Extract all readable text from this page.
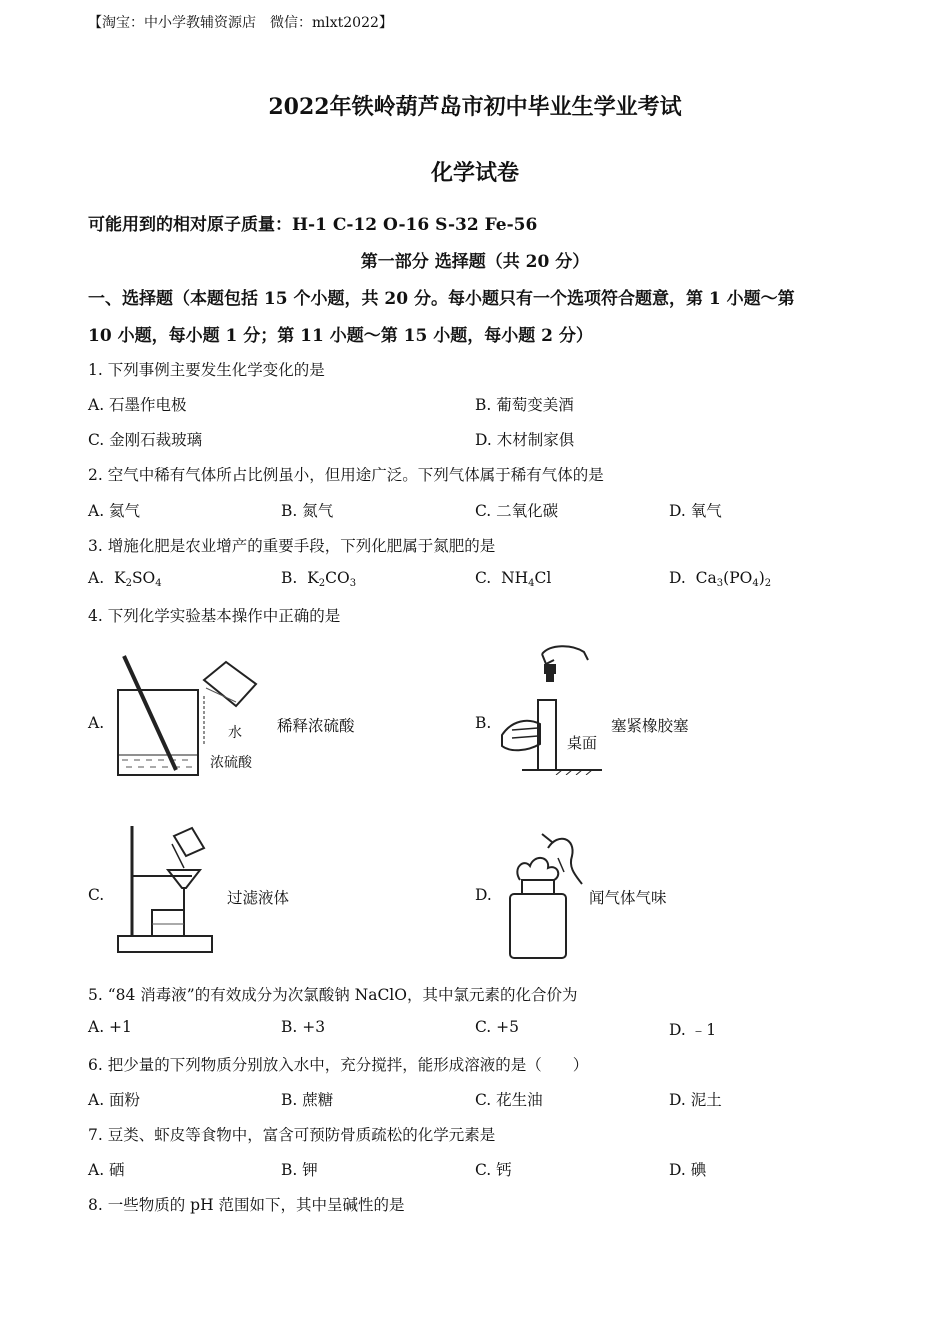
【淘宝：中小学教辅资源店　微信：mlxt2022】
2022年铁岭葫芦岛市初中毕业生学业考试
化学试卷
可能用到的相对原子质量：H-1 C-12 O-16 S-32 Fe-56
第一部分 选择题（共 20 分）
一、选择题（本题包括 15 个小题，共 20 分。每小题只有一个选项符合题意，第 1 小题～第
10 小题，每小题 1 分；第 11 小题～第 15 小题，每小题 2 分）
1. 下列事例主要发生化学变化的是
A. 石墨作电极	B. 葡萄变美酒
C. 金刚石裁玻璃	D. 木材制家俱
2. 空气中稀有气体所占比例虽小，但用途广泛。下列气体属于稀有气体的是
A. 氦气	B. 氮气	C. 二氧化碳	D. 氧气
3. 增施化肥是农业增产的重要手段，下列化肥属于氮肥的是
A.  $K_2SO_4$	B.  $K_2CO_3$	C.  $NH_4Cl$	D.  $Ca_3(PO_4)_2$
4. 下列化学实验基本操作中正确的是
A.
水
浓硫酸
稀释浓硫酸	B.
桌面
塞紧橡胶塞
C.	过滤液体	D.	闻气体气味
5. “84 消毒液”的有效成分为次氯酸钠 NaClO，其中氯元素的化合价为
A. +1	B. +3	C. +5	D. ﹣1
6. 把少量的下列物质分别放入水中，充分搅拌，能形成溶液的是（　　）
A. 面粉	B. 蔗糖	C. 花生油	D. 泥土
7. 豆类、虾皮等食物中，富含可预防骨质疏松的化学元素是
A. 硒	B. 钾	C. 钙	D. 碘
8. 一些物质的 pH 范围如下，其中呈碱性的是
